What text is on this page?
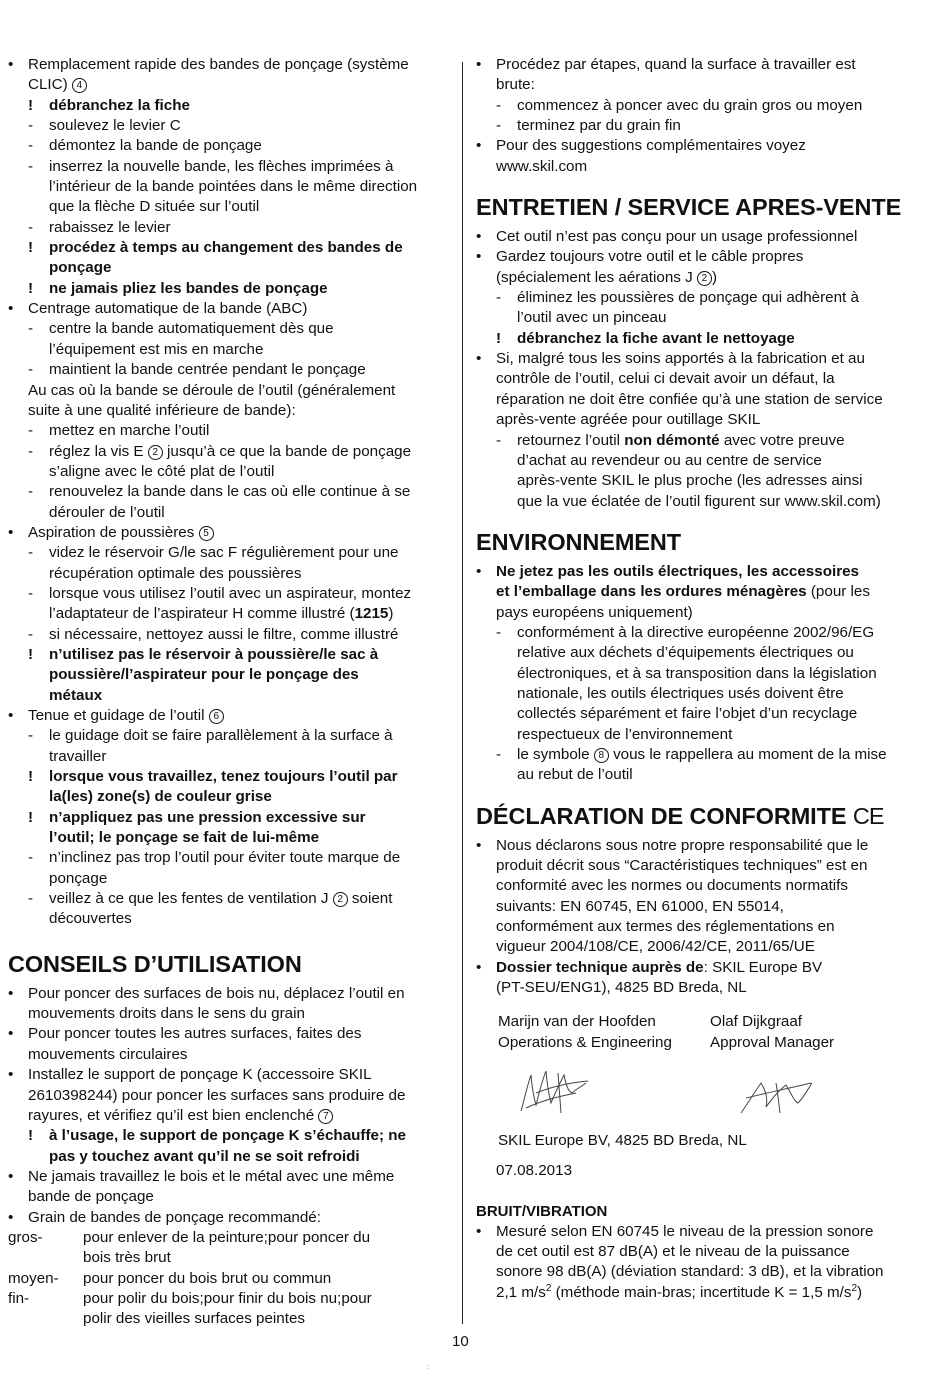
• Remplacement rapide des bandes de ponçage (système
CLIC) 4
! débranchez la fiche
- soulevez le levier C
- démontez la bande de ponçage
- inserrez la nouvelle bande, les flèches imprimées à
l’intérieur de la bande pointées dans le même direction
que la flèche D située sur l’outil
- rabaissez le levier
! procédez à temps au changement des bandes de
ponçage
! ne jamais pliez les bandes de ponçage
• Centrage automatique de la bande (ABC)
- centre la bande automatiquement dès que
l’équipement est mis en marche
- maintient la bande centrée pendant le ponçage
Au cas où la bande se déroule de l’outil (généralement
suite à une qualité inférieure de bande):
- mettez en marche l’outil
- réglez la vis E 2 jusqu’à ce que la bande de ponçage
s’aligne avec le côté plat de l’outil
- renouvelez la bande dans le cas où elle continue à se
dérouler de l’outil
• Aspiration de poussières 5
- videz le réservoir G/le sac F régulièrement pour une
récupération optimale des poussières
- lorsque vous utilisez l’outil avec un aspirateur, montez
l’adaptateur de l’aspirateur H comme illustré (1215)
- si nécessaire, nettoyez aussi le filtre, comme illustré
! n’utilisez pas le réservoir à poussière/le sac à
poussière/l’aspirateur pour le ponçage des
métaux
• Tenue et guidage de l’outil 6
- le guidage doit se faire parallèlement à la surface à
travailler
! lorsque vous travaillez, tenez toujours l’outil par
la(les) zone(s) de couleur grise
! n’appliquez pas une pression excessive sur
l’outil; le ponçage se fait de lui-même
- n’inclinez pas trop l’outil pour éviter toute marque de
ponçage
- veillez à ce que les fentes de ventilation J 2 soient
découvertes
CONSEILS D’UTILISATION
• Pour poncer des surfaces de bois nu, déplacez l’outil en
mouvements droits dans le sens du grain
• Pour poncer toutes les autres surfaces, faites des
mouvements circulaires
• Installez le support de ponçage K (accessoire SKIL
2610398244) pour poncer les surfaces sans produire de
rayures, et vérifiez qu’il est bien enclenché 7
! à l’usage, le support de ponçage K s’échauffe; ne
pas y touchez avant qu’il ne se soit refroidi
• Ne jamais travaillez le bois et le métal avec une même
bande de ponçage
• Grain de bandes de ponçage recommandé:
gros-	pour enlever de la peinture;pour poncer du
bois très brut
moyen-	pour poncer du bois brut ou commun
fin-	pour polir du bois;pour finir du bois nu;pour
polir des vieilles surfaces peintes
• Procédez par étapes, quand la surface à travailler est
brute:
- commencez à poncer avec du grain gros ou moyen
- terminez par du grain fin
• Pour des suggestions complémentaires voyez
www.skil.com
ENTRETIEN / SERVICE APRES-VENTE
• Cet outil n’est pas conçu pour un usage professionnel
• Gardez toujours votre outil et le câble propres
(spécialement les aérations J 2 )
- éliminez les poussières de ponçage qui adhèrent à
l’outil avec un pinceau
! débranchez la fiche avant le nettoyage
• Si, malgré tous les soins apportés à la fabrication et au
contrôle de l’outil, celui ci devait avoir un défaut, la
réparation ne doit être confiée qu’à une station de service
après-vente agréée pour outillage SKIL
- retournez l’outil non démonté avec votre preuve
d’achat au revendeur ou au centre de service
après-vente SKIL le plus proche (les adresses ainsi
que la vue éclatée de l’outil figurent sur www.skil.com)
ENVIRONNEMENT
• Ne jetez pas les outils électriques, les accessoires
et l’emballage dans les ordures ménagères (pour les
pays européens uniquement)
- conformément à la directive européenne 2002/96/EG
relative aux déchets d’équipements électriques ou
électroniques, et à sa transposition dans la législation
nationale, les outils électriques usés doivent être
collectés séparément et faire l’objet d’un recyclage
respectueux de l’environnement
- le symbole 8 vous le rappellera au moment de la mise
au rebut de l’outil
DÉCLARATION DE CONFORMITE CE
• Nous déclarons sous notre propre responsabilité que le
produit décrit sous “Caractéristiques techniques” est en
conformité avec les normes ou documents normatifs
suivants: EN 60745, EN 61000, EN 55014,
conformément aux termes des réglementations en
vigueur 2004/108/CE, 2006/42/CE, 2011/65/UE
• Dossier technique auprès de: SKIL Europe BV
(PT-SEU/ENG1), 4825 BD Breda, NL
Marijn van der Hoofden
Operations & Engineering
Olaf Dijkgraaf
Approval Manager
SKIL Europe BV, 4825 BD Breda, NL
07.08.2013
BRUIT/VIBRATION
• Mesuré selon EN 60745 le niveau de la pression sonore
de cet outil est 87 dB(A) et le niveau de la puissance
sonore 98 dB(A) (déviation standard: 3 dB), et la vibration
2,1 $m/s^2$ (méthode main-bras; incertitude K = 1,5 $m/s^2$)
10
:
